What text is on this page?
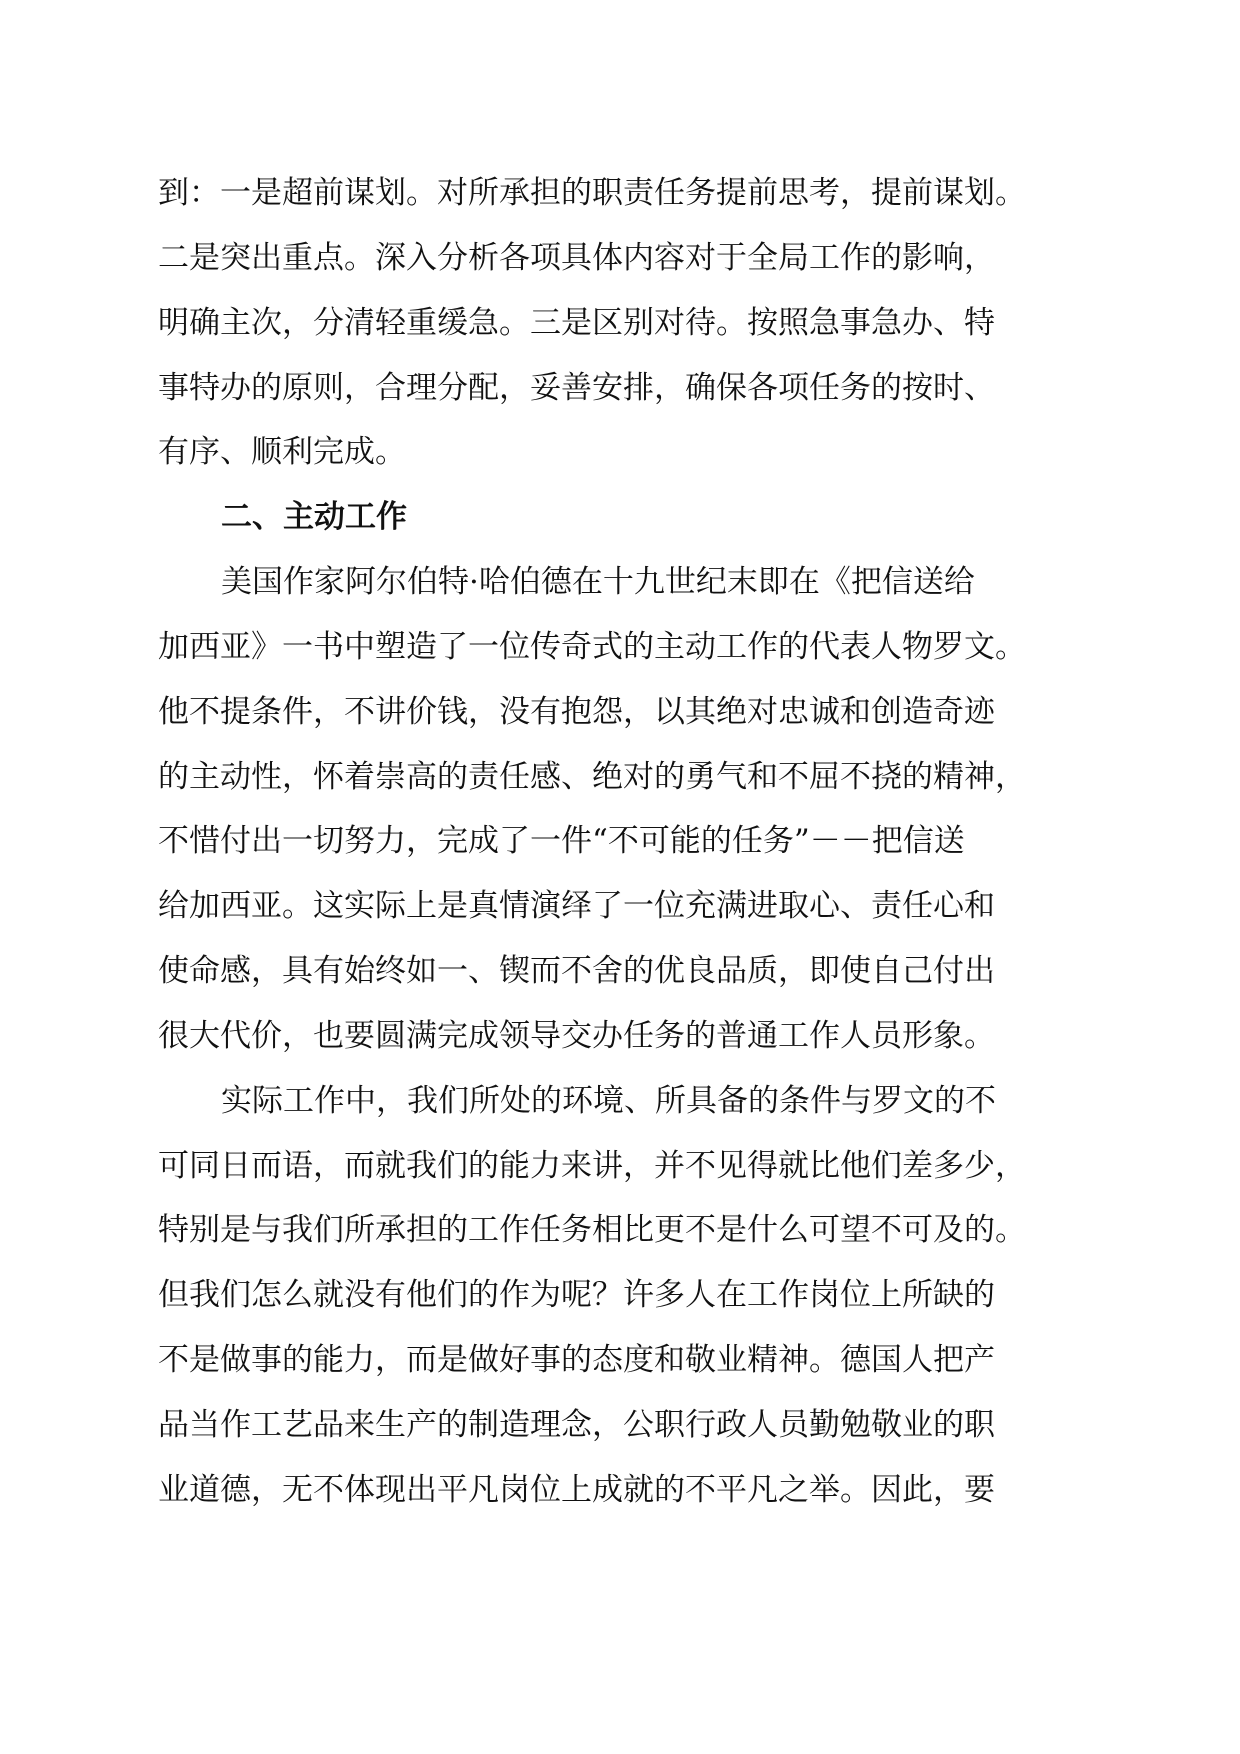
到：一是超前谋划。对所承担的职责任务提前思考，提前谋划。

二是突出重点。深入分析各项具体内容对于全局工作的影响，

明确主次，分清轻重缓急。三是区别对待。按照急事急办、特

事特办的原则，合理分配，妥善安排，确保各项任务的按时、

有序、顺利完成。

二、主动工作

美国作家阿尔伯特·哈伯德在十九世纪末即在《把信送给

加西亚》一书中塑造了一位传奇式的主动工作的代表人物罗文。

他不提条件，不讲价钱，没有抱怨，以其绝对忠诚和创造奇迹

的主动性，怀着崇高的责任感、绝对的勇气和不屈不挠的精神，

不惜付出一切努力，完成了一件“不可能的任务”－－把信送

给加西亚。这实际上是真情演绎了一位充满进取心、责任心和

使命感，具有始终如一、锲而不舍的优良品质，即使自己付出

很大代价，也要圆满完成领导交办任务的普通工作人员形象。

实际工作中，我们所处的环境、所具备的条件与罗文的不

可同日而语，而就我们的能力来讲，并不见得就比他们差多少，

特别是与我们所承担的工作任务相比更不是什么可望不可及的。

但我们怎么就没有他们的作为呢？许多人在工作岗位上所缺的

不是做事的能力，而是做好事的态度和敬业精神。德国人把产

品当作工艺品来生产的制造理念，公职行政人员勤勉敬业的职

业道德，无不体现出平凡岗位上成就的不平凡之举。因此，要
